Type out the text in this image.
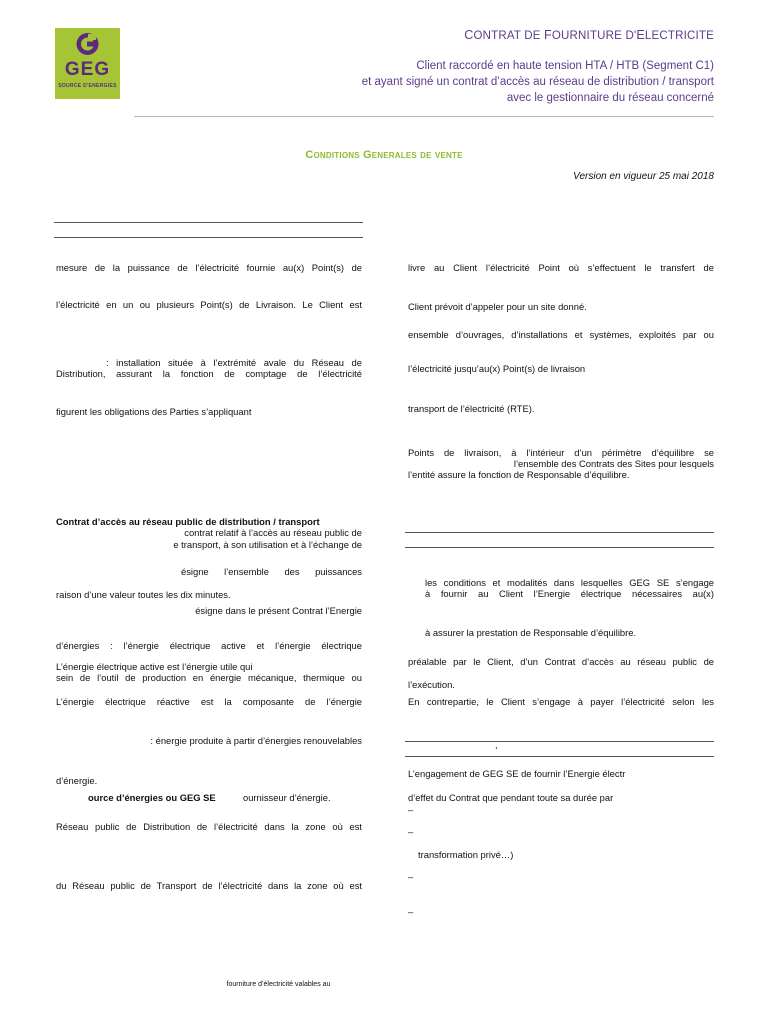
GEG
SOURCE D'ENERGIES
CONTRAT DE FOURNITURE D'ELECTRICITE
Client raccordé en haute tension HTA / HTB (Segment C1)
et ayant signé un contrat d’accès au réseau de distribution / transport
avec le gestionnaire du réseau concerné
Conditions Generales de vente
Version en vigueur 25 mai 2018
mesure de la puissance de l’électricité fournie au(x) Point(s) de
l’électricité en un ou plusieurs Point(s) de Livraison. Le Client est
: installation située à l’extrémité avale du Réseau de
Distribution, assurant la fonction de comptage de l’électricité
figurent les obligations des Parties s’appliquant
Contrat d’accès au réseau public de distribution / transport
contrat relatif à l’accès au réseau public de
e transport, à son utilisation et à l’échange de
ésigne l’ensemble des puissances
raison d’une valeur toutes les dix minutes.
ésigne dans le présent Contrat l’Energie
d’énergies : l’énergie électrique active et l’énergie électrique
L’énergie électrique active est l’énergie utile qui
sein de l’outil de production en énergie mécanique, thermique ou
L’énergie électrique réactive est la composante de l’énergie
: énergie produite à partir d’énergies renouvelables
d’énergie.
ource d’énergies ou GEG SE	ournisseur d’énergie.
Réseau public de Distribution de l’électricité dans la zone où est
du Réseau public de Transport de l’électricité dans la zone où est
livre au Client l’électricité Point où s’effectuent le transfert de
Client prévoit d’appeler pour un site donné.
ensemble d’ouvrages, d’installations et systèmes, exploités par ou
l’électricité jusqu’au(x) Point(s) de livraison
transport de l’électricité (RTE).
Points de livraison, à l’intérieur d’un périmètre d’équilibre se
l’ensemble des Contrats des Sites pour lesquels
l’entité assure la fonction de Responsable d’équilibre.
les conditions et modalités dans lesquelles GEG SE s’engage
à fournir au Client l’Energie électrique nécessaires au(x)
à assurer la prestation de Responsable d’équilibre.
préalable par le Client, d’un Contrat d’accès au réseau public de
l’exécution.
En contrepartie, le Client s’engage à payer l’électricité selon les
,
L’engagement de GEG SE de fournir l’Energie électr
d’effet du Contrat que pendant toute sa durée par
–
–
transformation privé…)
–
–
fourniture d’électricité valables au
